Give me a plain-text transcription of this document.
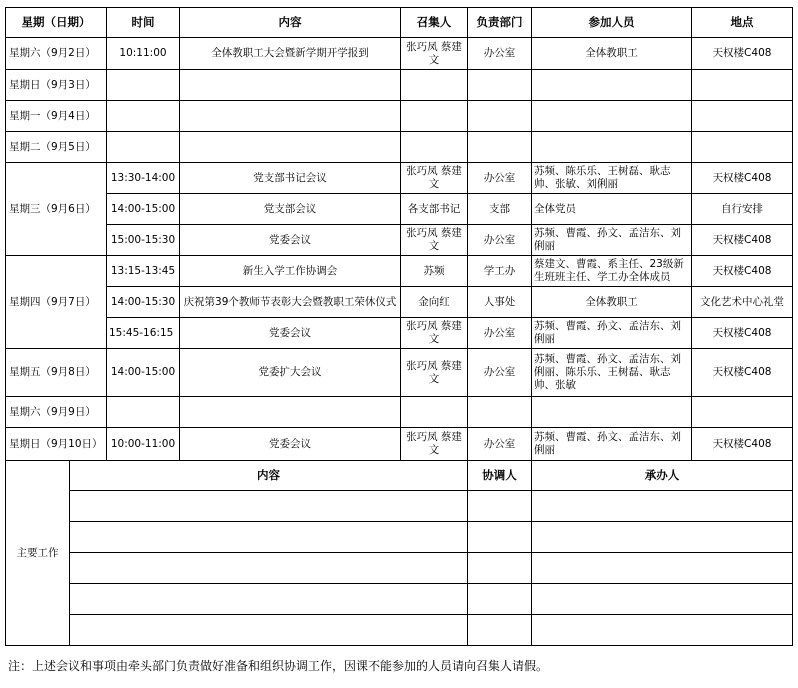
星期（日期）		时间	内容	召集人	负责部门	参加人员	地点	
星期六（9月2日）		10:11:00	全体教职工大会暨新学期开学报到	张巧凤 蔡建文	办公室	全体教职工	天权楼C408	
星期日（9月3日）								
星期一（9月4日）								
星期二（9月5日）								
星期三（9月6日）		13:30-14:00	党支部书记会议	张巧凤 蔡建文	办公室	苏频、陈乐乐、王树磊、耿志帅、张敏、刘俐丽	天权楼C408	
		14:00-15:00	党支部会议	各支部书记	支部	全体党员	自行安排	
		15:00-15:30	党委会议	张巧凤 蔡建文	办公室	苏频、曹霞、孙文、孟洁东、刘俐丽	天权楼C408	
星期四（9月7日）		13:15-13:45	新生入学工作协调会	苏频	学工办	蔡建文、曹霞、系主任、23级新生班班主任、学工办全体成员	天权楼C408	
		14:00-15:30	庆祝第39个教师节表彰大会暨教职工荣休仪式	金向红	人事处	全体教职工	文化艺术中心礼堂	
		15:45-16:15	党委会议	张巧凤 蔡建文	办公室	苏频、曹霞、孙文、孟洁东、刘俐丽	天权楼C408	
星期五（9月8日）		14:00-15:00	党委扩大会议	张巧凤 蔡建文	办公室	苏频、曹霞、孙文、孟洁东、刘俐丽、陈乐乐、王树磊、耿志帅、张敏	天权楼C408	
星期六（9月9日）								
星期日（9月10日）		10:00-11:00	党委会议	张巧凤 蔡建文	办公室	苏频、曹霞、孙文、孟洁东、刘俐丽	天权楼C408	
主要工作	内容				协调人	承办人	

注：上述会议和事项由牵头部门负责做好准备和组织协调工作，因课不能参加的人员请向召集人请假。
